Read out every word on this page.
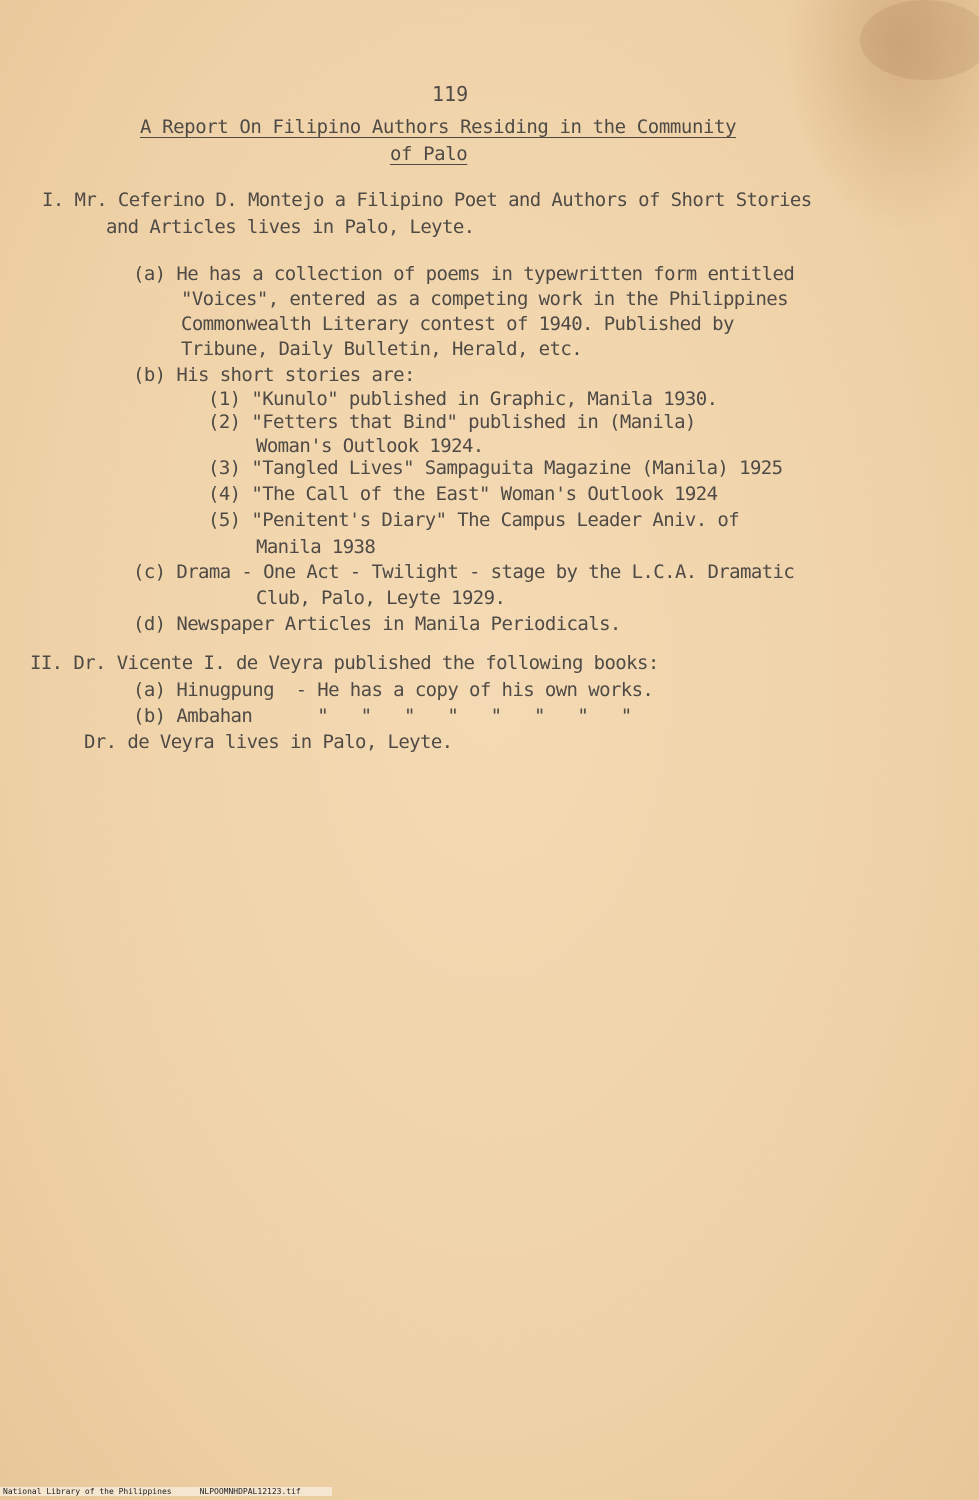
119
A Report On Filipino Authors Residing in the Community
of Palo
I. Mr. Ceferino D. Montejo a Filipino Poet and Authors of Short Stories
and Articles lives in Palo, Leyte.
(a) He has a collection of poems in typewritten form entitled
"Voices", entered as a competing work in the Philippines
Commonwealth Literary contest of 1940. Published by
Tribune, Daily Bulletin, Herald, etc.
(b) His short stories are:
(1) "Kunulo" published in Graphic, Manila 1930.
(2) "Fetters that Bind" published in (Manila)
Woman's Outlook 1924.
(3) "Tangled Lives" Sampaguita Magazine (Manila) 1925
(4) "The Call of the East" Woman's Outlook 1924
(5) "Penitent's Diary" The Campus Leader Aniv. of
Manila 1938
(c) Drama - One Act - Twilight - stage by the L.C.A. Dramatic
Club, Palo, Leyte 1929.
(d) Newspaper Articles in Manila Periodicals.
II. Dr. Vicente I. de Veyra published the following books:
(a) Hinugpung  - He has a copy of his own works.
(b) Ambahan      "   "   "   "   "   "   "   "
Dr. de Veyra lives in Palo, Leyte.
National Library of the Philippines	NLPOOMNHDPAL12123.tif
